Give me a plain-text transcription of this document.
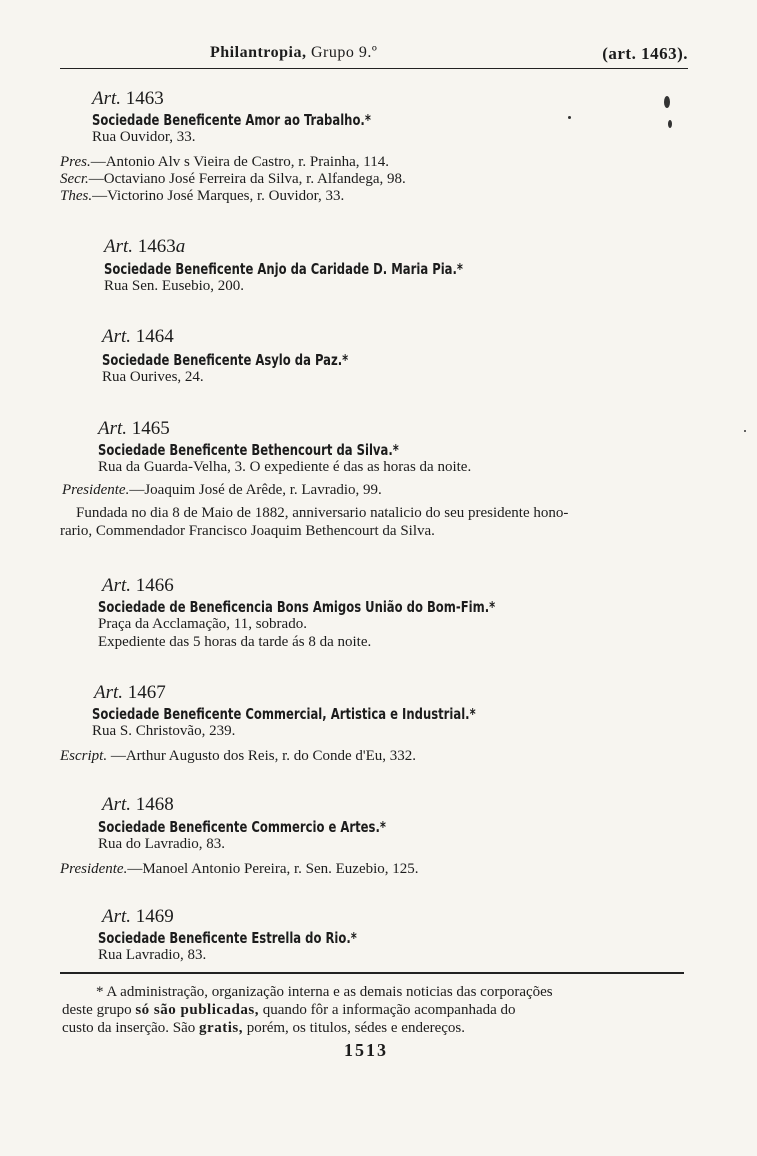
Philantropia, Grupo 9.º	(art. 1463).
Art. 1463
Sociedade Beneficente Amor ao Trabalho.*
Rua Ouvidor, 33.
Pres.—Antonio Alv s Vieira de Castro, r. Prainha, 114.
Secr.—Octaviano José Ferreira da Silva, r. Alfandega, 98.
Thes.—Victorino José Marques, r. Ouvidor, 33.
Art. 1463a
Sociedade Beneficente Anjo da Caridade D. Maria Pia.*
Rua Sen. Eusebio, 200.
Art. 1464
Sociedade Beneficente Asylo da Paz.*
Rua Ourives, 24.
Art. 1465
Sociedade Beneficente Bethencourt da Silva.*
Rua da Guarda-Velha, 3. O expediente é das as horas da noite.
Presidente.—Joaquim José de Arêde, r. Lavradio, 99.
Fundada no dia 8 de Maio de 1882, anniversario natalicio do seu presidente hono-
rario, Commendador Francisco Joaquim Bethencourt da Silva.
Art. 1466
Sociedade de Beneficencia Bons Amigos União do Bom-Fim.*
Praça da Acclamação, 11, sobrado.
Expediente das 5 horas da tarde ás 8 da noite.
Art. 1467
Sociedade Beneficente Commercial, Artistica e Industrial.*
Rua S. Christovão, 239.
Escript. —Arthur Augusto dos Reis, r. do Conde d'Eu, 332.
Art. 1468
Sociedade Beneficente Commercio e Artes.*
Rua do Lavradio, 83.
Presidente.—Manoel Antonio Pereira, r. Sen. Euzebio, 125.
Art. 1469
Sociedade Beneficente Estrella do Rio.*
Rua Lavradio, 83.
* A administração, organização interna e as demais noticias das corporações
deste grupo só são publicadas, quando fôr a informação acompanhada do
custo da inserção. São gratis, porém, os titulos, sédes e endereços.
1513
